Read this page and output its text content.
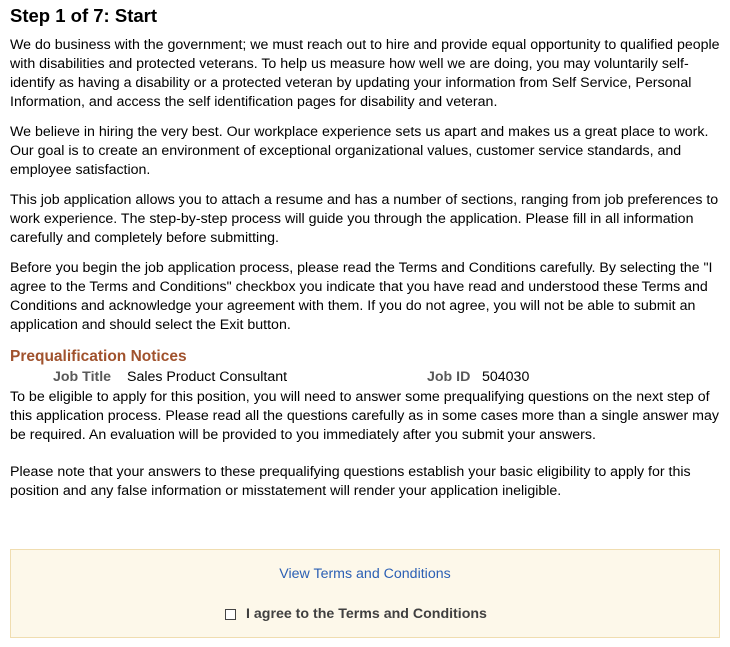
Step 1 of 7: Start

We do business with the government; we must reach out to hire and provide equal opportunity to qualified people with disabilities and protected veterans. To help us measure how well we are doing, you may voluntarily self-identify as having a disability or a protected veteran by updating your information from Self Service, Personal Information, and access the self identification pages for disability and veteran.

We believe in hiring the very best. Our workplace experience sets us apart and makes us a great place to work. Our goal is to create an environment of exceptional organizational values, customer service standards, and employee satisfaction.

This job application allows you to attach a resume and has a number of sections, ranging from job preferences to work experience. The step-by-step process will guide you through the application. Please fill in all information carefully and completely before submitting.

Before you begin the job application process, please read the Terms and Conditions carefully. By selecting the "I agree to the Terms and Conditions" checkbox you indicate that you have read and understood these Terms and Conditions and acknowledge your agreement with them. If you do not agree, you will not be able to submit an application and should select the Exit button.

Prequalification Notices
Job Title Sales Product Consultant	Job ID 504030

To be eligible to apply for this position, you will need to answer some prequalifying questions on the next step of this application process. Please read all the questions carefully as in some cases more than a single answer may be required. An evaluation will be provided to you immediately after you submit your answers.

Please note that your answers to these prequalifying questions establish your basic eligibility to apply for this position and any false information or misstatement will render your application ineligible.

View Terms and Conditions
I agree to the Terms and Conditions
